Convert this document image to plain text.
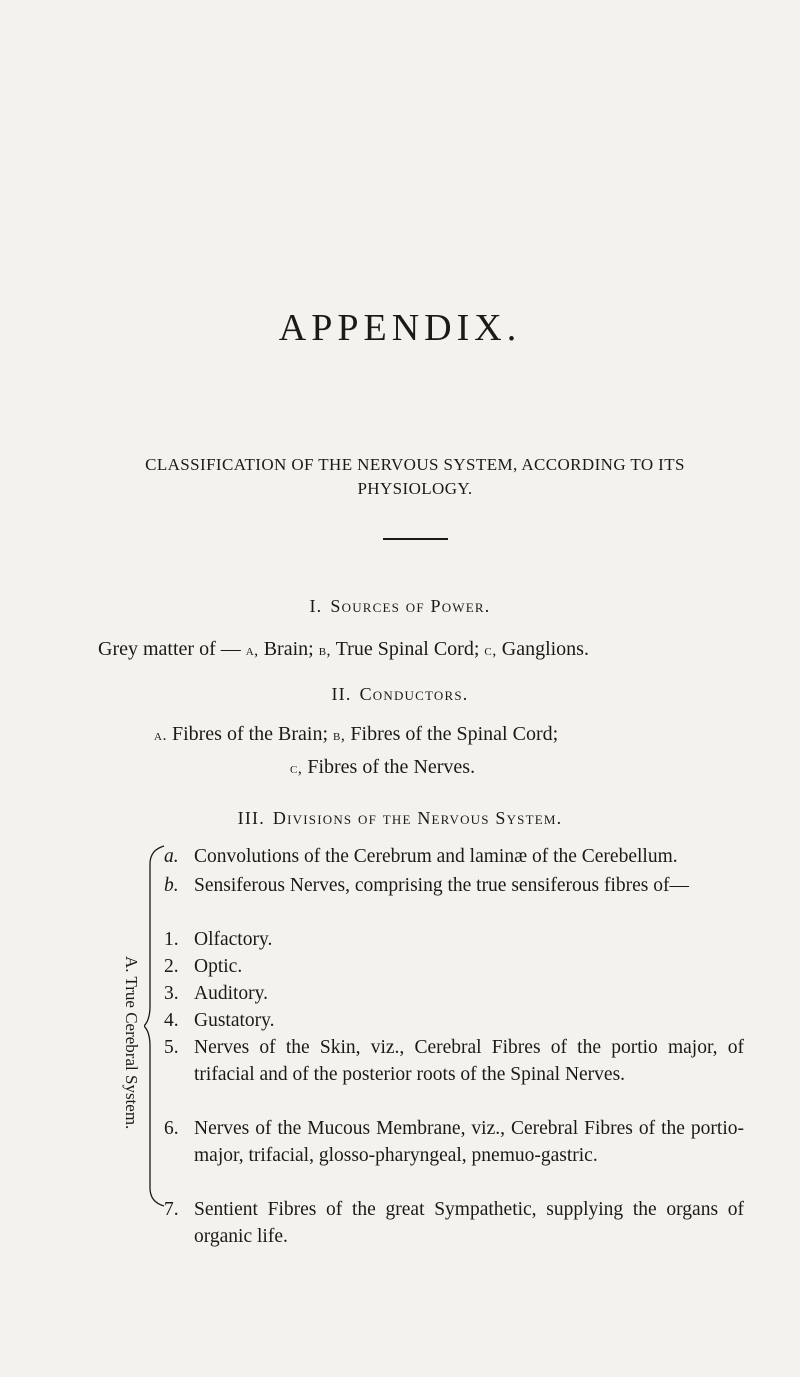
APPENDIX.
CLASSIFICATION OF THE NERVOUS SYSTEM, ACCORDING TO ITS PHYSIOLOGY.
I. Sources of Power.
Grey matter of — a, Brain; b, True Spinal Cord; c, Ganglions.
II. Conductors.
a. Fibres of the Brain; b, Fibres of the Spinal Cord;
c, Fibres of the Nerves.
III. Divisions of the Nervous System.
A. True Cerebral System.
a. Convolutions of the Cerebrum and laminæ of the Cerebellum.
b. Sensiferous Nerves, comprising the true sensiferous fibres of—
1. Olfactory.
2. Optic.
3. Auditory.
4. Gustatory.
5. Nerves of the Skin, viz., Cerebral Fibres of the portio major, of trifacial and of the posterior roots of the Spinal Nerves.
6. Nerves of the Mucous Membrane, viz., Cerebral Fibres of the portio-major, trifacial, glosso-pharyngeal, pnemuo-gastric.
7. Sentient Fibres of the great Sympathetic, supplying the organs of organic life.
